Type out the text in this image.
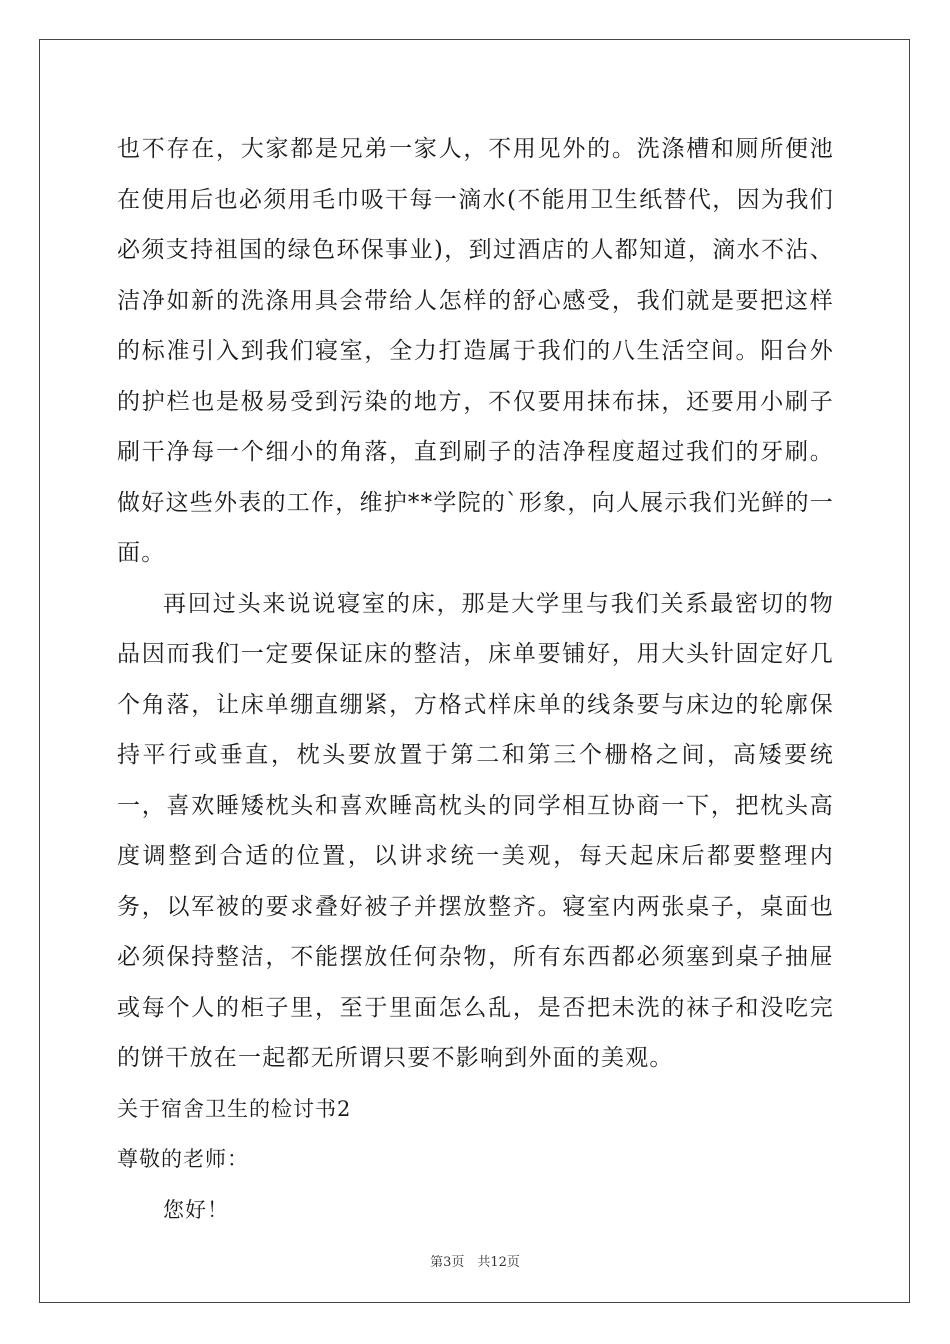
也不存在，大家都是兄弟一家人，不用见外的。洗涤槽和厕所便池在使用后也必须用毛巾吸干每一滴水(不能用卫生纸替代，因为我们必须支持祖国的绿色环保事业)，到过酒店的人都知道，滴水不沾、洁净如新的洗涤用具会带给人怎样的舒心感受，我们就是要把这样的标准引入到我们寝室，全力打造属于我们的八生活空间。阳台外的护栏也是极易受到污染的地方，不仅要用抹布抹，还要用小刷子刷干净每一个细小的角落，直到刷子的洁净程度超过我们的牙刷。做好这些外表的工作，维护**学院的`形象，向人展示我们光鲜的一面。

再回过头来说说寝室的床，那是大学里与我们关系最密切的物品因而我们一定要保证床的整洁，床单要铺好，用大头针固定好几个角落，让床单绷直绷紧，方格式样床单的线条要与床边的轮廓保持平行或垂直，枕头要放置于第二和第三个栅格之间，高矮要统一，喜欢睡矮枕头和喜欢睡高枕头的同学相互协商一下，把枕头高度调整到合适的位置，以讲求统一美观，每天起床后都要整理内务，以军被的要求叠好被子并摆放整齐。寝室内两张桌子，桌面也必须保持整洁，不能摆放任何杂物，所有东西都必须塞到桌子抽屉或每个人的柜子里，至于里面怎么乱，是否把未洗的袜子和没吃完的饼干放在一起都无所谓只要不影响到外面的美观。

关于宿舍卫生的检讨书2

尊敬的老师：

您好！

第3页　共12页
